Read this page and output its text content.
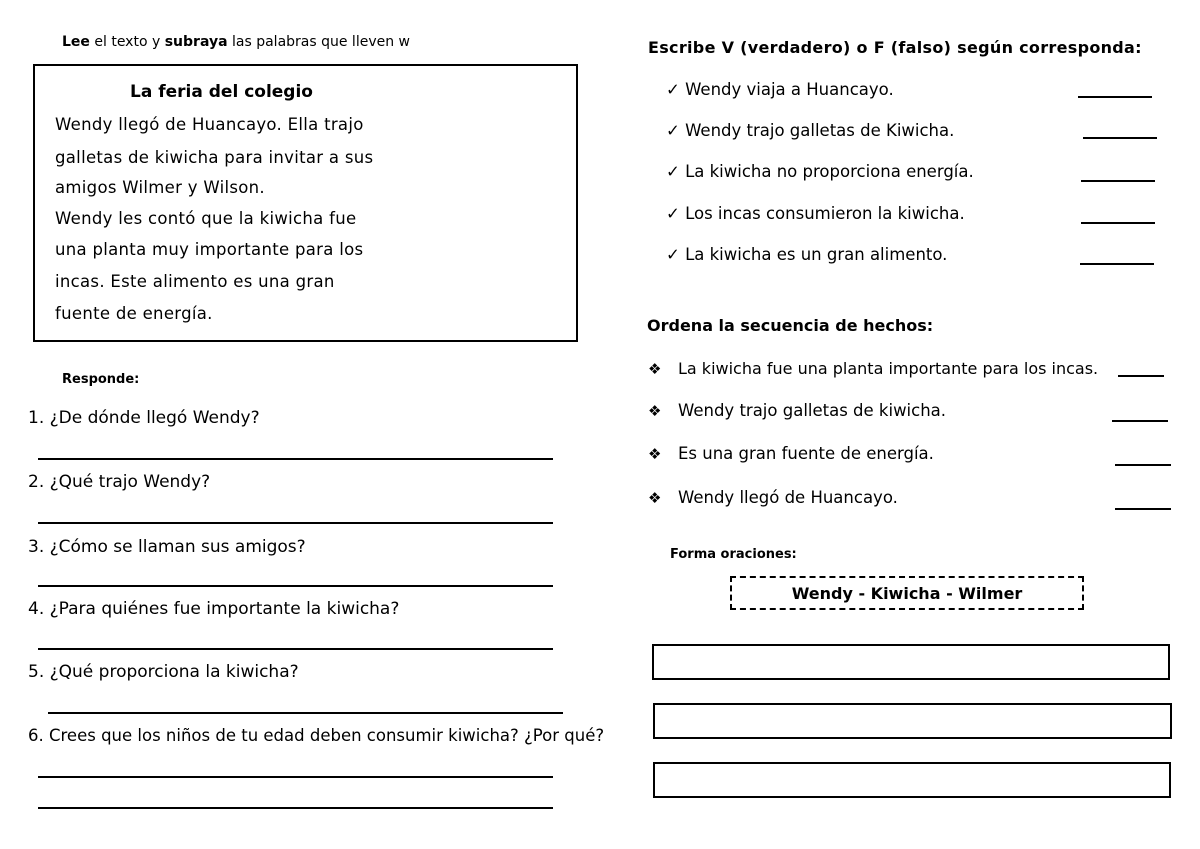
Lee el texto y subraya las palabras que lleven w
La feria del colegio
Wendy llegó de Huancayo. Ella trajo
galletas de kiwicha para invitar a sus
amigos Wilmer y Wilson.
Wendy les contó que la kiwicha fue
una planta muy importante para los
incas. Este alimento es una gran
fuente de energía.
Responde:
1. ¿De dónde llegó Wendy?
2. ¿Qué trajo Wendy?
3. ¿Cómo se llaman sus amigos?
4. ¿Para quiénes fue importante la kiwicha?
5. ¿Qué proporciona la kiwicha?
6. Crees que los niños de tu edad deben consumir kiwicha? ¿Por qué?
Escribe V (verdadero) o F (falso) según corresponda:
✓ Wendy viaja a Huancayo.
✓ Wendy trajo galletas de Kiwicha.
✓ La kiwicha no proporciona energía.
✓ Los incas consumieron la kiwicha.
✓ La kiwicha es un gran alimento.
Ordena la secuencia de hechos:
❖ La kiwicha fue una planta importante para los incas.
❖ Wendy trajo galletas de kiwicha.
❖ Es una gran fuente de energía.
❖ Wendy llegó de Huancayo.
Forma oraciones:
Wendy - Kiwicha - Wilmer
